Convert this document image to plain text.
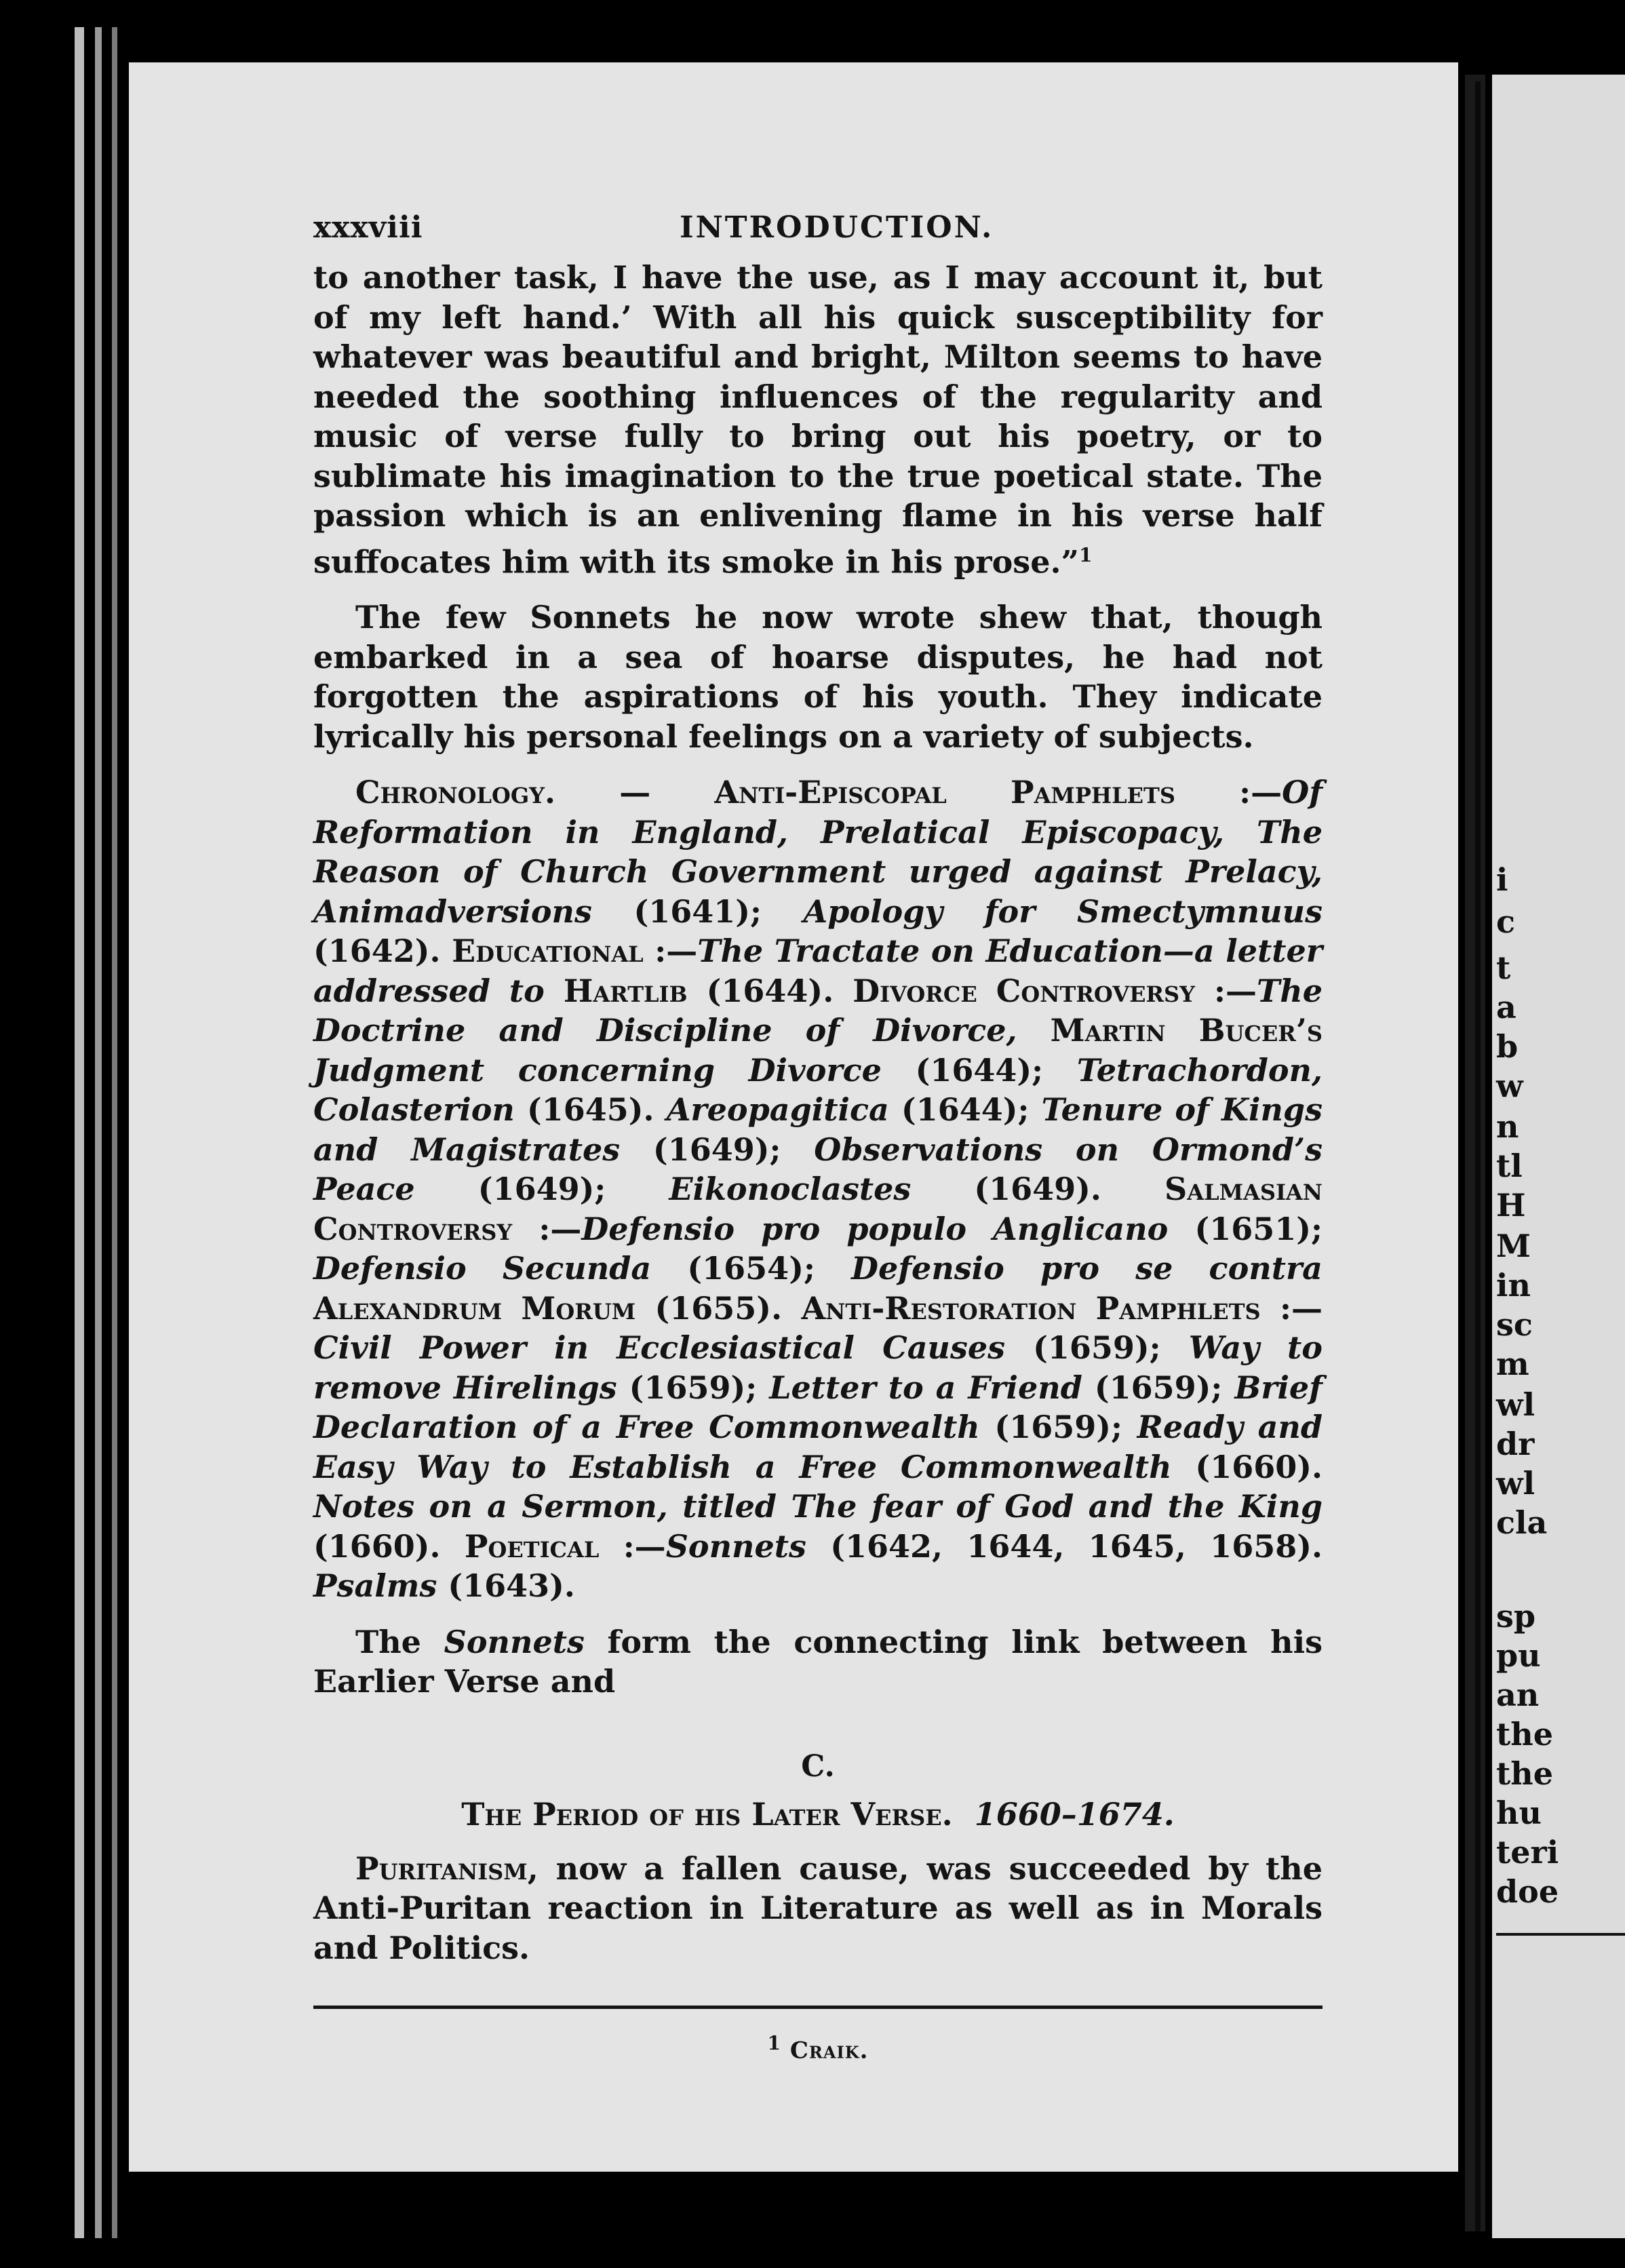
i
c
t
a
b
w
n
tl
H
M
in
sc
m
wl
dr
wl
cla
sp
pu
an
the
the
hu
teri
doe
xxxviii	INTRODUCTION.

to another task, I have the use, as I may account it, but of my left hand.’ With all his quick susceptibility for whatever was beautiful and bright, Milton seems to have needed the soothing influences of the regularity and music of verse fully to bring out his poetry, or to sublimate his imagination to the true poetical state. The passion which is an enlivening flame in his verse half suffocates him with its smoke in his prose.”$^1$

The few Sonnets he now wrote shew that, though embarked in a sea of hoarse disputes, he had not forgotten the aspirations of his youth. They indicate lyrically his personal feelings on a variety of subjects.

Chronology. — Anti-Episcopal Pamphlets :—Of Reformation in England, Prelatical Episcopacy, The Reason of Church Government urged against Prelacy, Animadversions (1641); Apology for Smectymnuus (1642). Educational :—The Tractate on Education—a letter addressed to Hartlib (1644). Divorce Controversy :—The Doctrine and Discipline of Divorce, Martin Bucer’s Judgment concerning Divorce (1644); Tetrachordon, Colasterion (1645). Areopagitica (1644); Tenure of Kings and Magistrates (1649); Observations on Ormond’s Peace (1649); Eikonoclastes (1649). Salmasian Controversy :—Defensio pro populo Anglicano (1651); Defensio Secunda (1654); Defensio pro se contra Alexandrum Morum (1655). Anti-Restoration Pamphlets :—Civil Power in Ecclesiastical Causes (1659); Way to remove Hirelings (1659); Letter to a Friend (1659); Brief Declaration of a Free Commonwealth (1659); Ready and Easy Way to Establish a Free Commonwealth (1660). Notes on a Sermon, titled The fear of God and the King (1660). Poetical :—Sonnets (1642, 1644, 1645, 1658). Psalms (1643).

The Sonnets form the connecting link between his Earlier Verse and

C.
The Period of his Later Verse. 1660–1674.

Puritanism, now a fallen cause, was succeeded by the Anti-Puritan reaction in Literature as well as in Morals and Politics.

$^1$ Craik.
